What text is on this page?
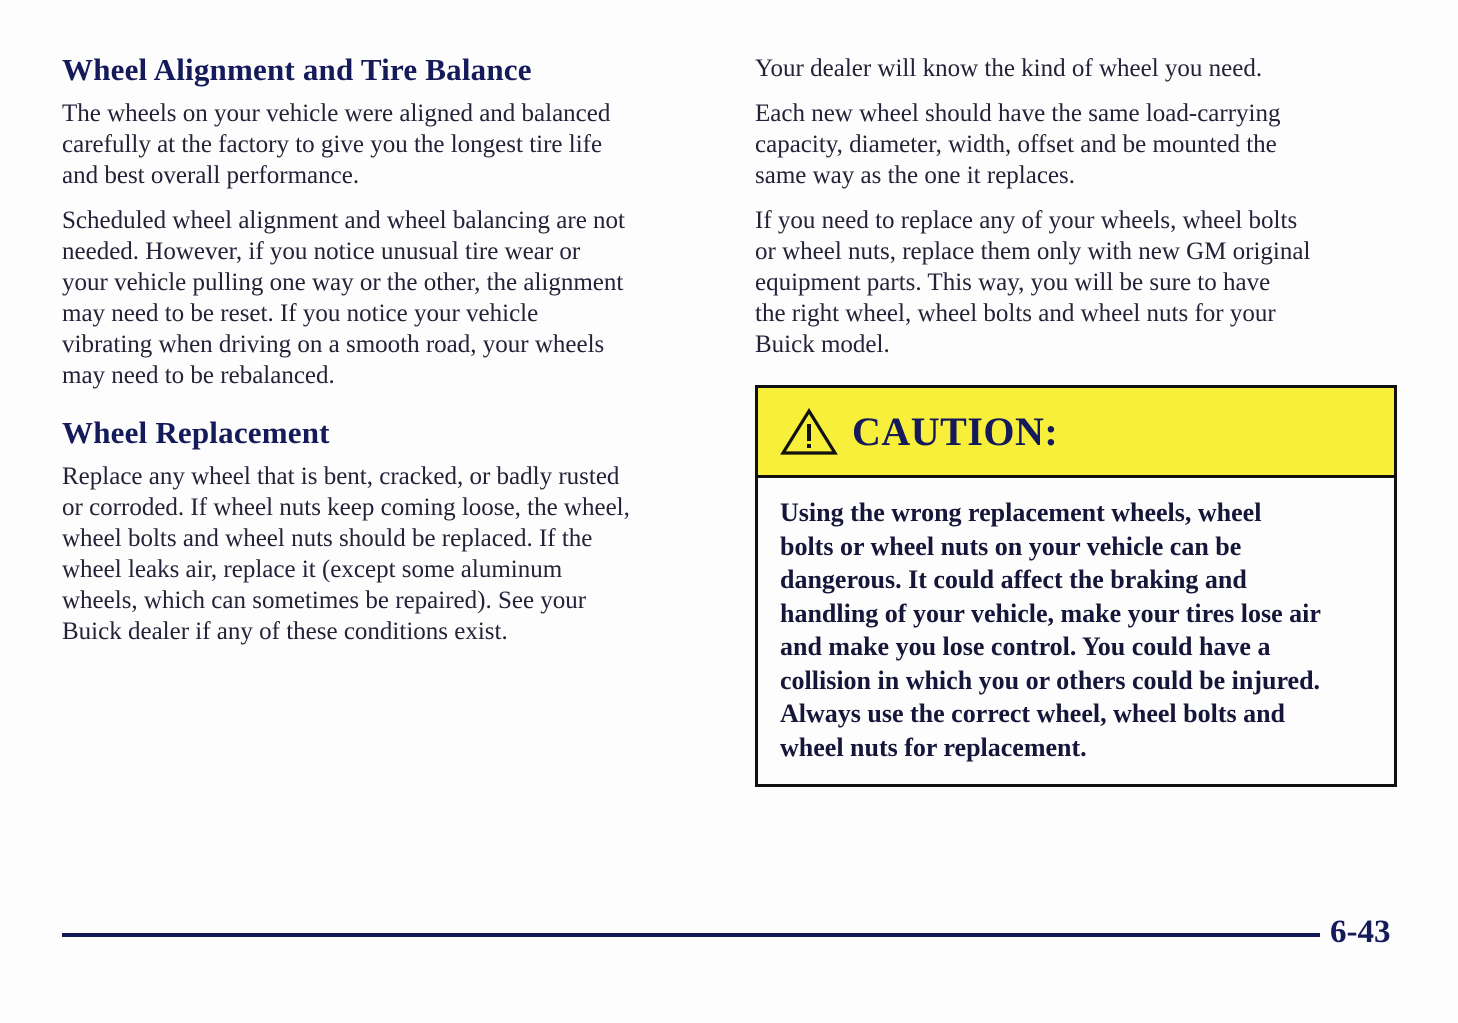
Wheel Alignment and Tire Balance

The wheels on your vehicle were aligned and balanced
carefully at the factory to give you the longest tire life
and best overall performance.

Scheduled wheel alignment and wheel balancing are not
needed. However, if you notice unusual tire wear or
your vehicle pulling one way or the other, the alignment
may need to be reset. If you notice your vehicle
vibrating when driving on a smooth road, your wheels
may need to be rebalanced.

Wheel Replacement

Replace any wheel that is bent, cracked, or badly rusted
or corroded. If wheel nuts keep coming loose, the wheel,
wheel bolts and wheel nuts should be replaced. If the
wheel leaks air, replace it (except some aluminum
wheels, which can sometimes be repaired). See your
Buick dealer if any of these conditions exist.

Your dealer will know the kind of wheel you need.

Each new wheel should have the same load-carrying
capacity, diameter, width, offset and be mounted the
same way as the one it replaces.

If you need to replace any of your wheels, wheel bolts
or wheel nuts, replace them only with new GM original
equipment parts. This way, you will be sure to have
the right wheel, wheel bolts and wheel nuts for your
Buick model.

CAUTION:
Using the wrong replacement wheels, wheel
bolts or wheel nuts on your vehicle can be
dangerous. It could affect the braking and
handling of your vehicle, make your tires lose air
and make you lose control. You could have a
collision in which you or others could be injured.
Always use the correct wheel, wheel bolts and
wheel nuts for replacement.
6-43
